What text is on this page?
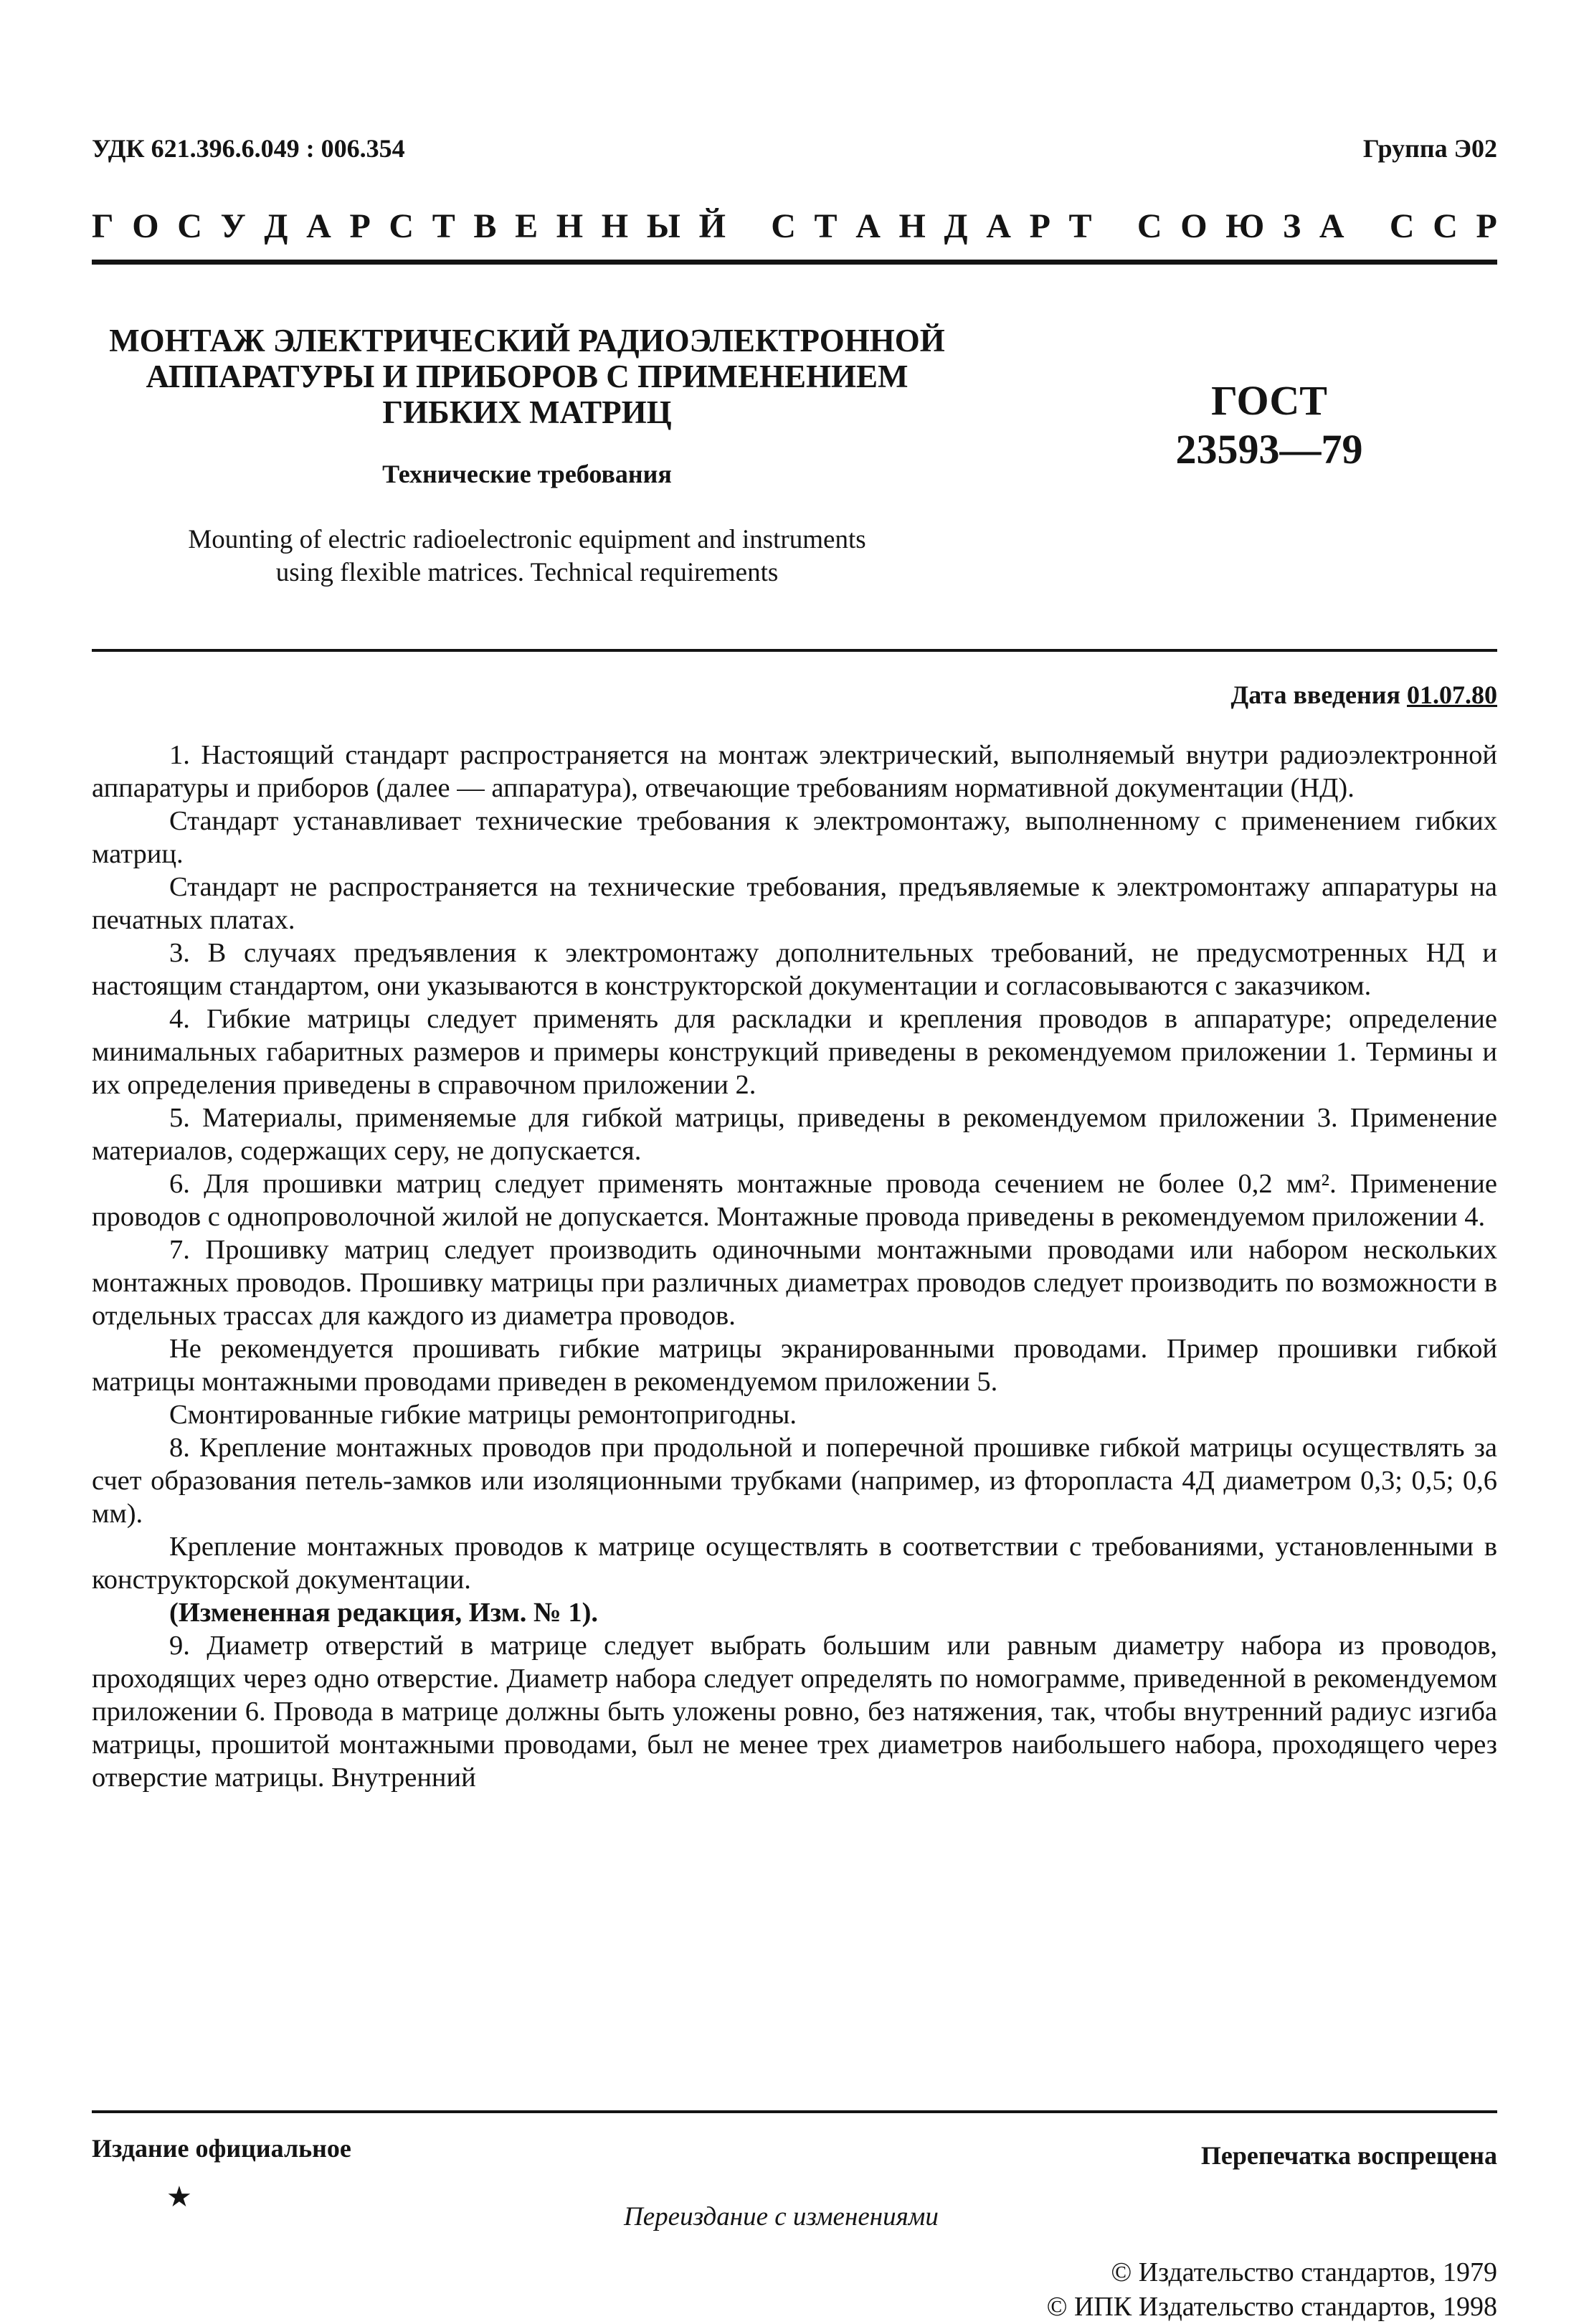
УДК 621.396.6.049 : 006.354	Группа Э02
Г О С У Д А Р С Т В Е Н Н Ы Й
С Т А Н Д А Р Т
С О Ю З А
С С Р
МОНТАЖ ЭЛЕКТРИЧЕСКИЙ РАДИОЭЛЕКТРОННОЙ
АППАРАТУРЫ И ПРИБОРОВ С ПРИМЕНЕНИЕМ
ГИБКИХ МАТРИЦ
Технические требования
ГОСТ
23593—79
Mounting of electric radioelectronic equipment and instruments
using flexible matrices. Technical requirements
Дата введения 01.07.80

1. Настоящий стандарт распространяется на монтаж электрический, выполняемый внутри радиоэлектронной аппаратуры и приборов (далее — аппаратура), отвечающие требованиям нормативной документации (НД).

Стандарт устанавливает технические требования к электромонтажу, выполненному с применением гибких матриц.

Стандарт не распространяется на технические требования, предъявляемые к электромонтажу аппаратуры на печатных платах.

3. В случаях предъявления к электромонтажу дополнительных требований, не предусмотренных НД и настоящим стандартом, они указываются в конструкторской документации и согласовываются с заказчиком.

4. Гибкие матрицы следует применять для раскладки и крепления проводов в аппаратуре; определение минимальных габаритных размеров и примеры конструкций приведены в рекомендуемом приложении 1. Термины и их определения приведены в справочном приложении 2.

5. Материалы, применяемые для гибкой матрицы, приведены в рекомендуемом приложении 3. Применение материалов, содержащих серу, не допускается.

6. Для прошивки матриц следует применять монтажные провода сечением не более 0,2 мм². Применение проводов с однопроволочной жилой не допускается. Монтажные провода приведены в рекомендуемом приложении 4.

7. Прошивку матриц следует производить одиночными монтажными проводами или набором нескольких монтажных проводов. Прошивку матрицы при различных диаметрах проводов следует производить по возможности в отдельных трассах для каждого из диаметра проводов.

Не рекомендуется прошивать гибкие матрицы экранированными проводами. Пример прошивки гибкой матрицы монтажными проводами приведен в рекомендуемом приложении 5.

Смонтированные гибкие матрицы ремонтопригодны.

8. Крепление монтажных проводов при продольной и поперечной прошивке гибкой матрицы осуществлять за счет образования петель-замков или изоляционными трубками (например, из фторопласта 4Д диаметром 0,3; 0,5; 0,6 мм).

Крепление монтажных проводов к матрице осуществлять в соответствии с требованиями, установленными в конструкторской документации.

(Измененная редакция, Изм. № 1).

9. Диаметр отверстий в матрице следует выбрать большим или равным диаметру набора из проводов, проходящих через одно отверстие. Диаметр набора следует определять по номограмме, приведенной в рекомендуемом приложении 6. Провода в матрице должны быть уложены ровно, без натяжения, так, чтобы внутренний радиус изгиба матрицы, прошитой монтажными проводами, был не менее трех диаметров наибольшего набора, проходящего через отверстие матрицы. Внутренний

Издание официальное	Перепечатка воспрещена
★
Переиздание с изменениями
© Издательство стандартов, 1979
© ИПК Издательство стандартов, 1998
